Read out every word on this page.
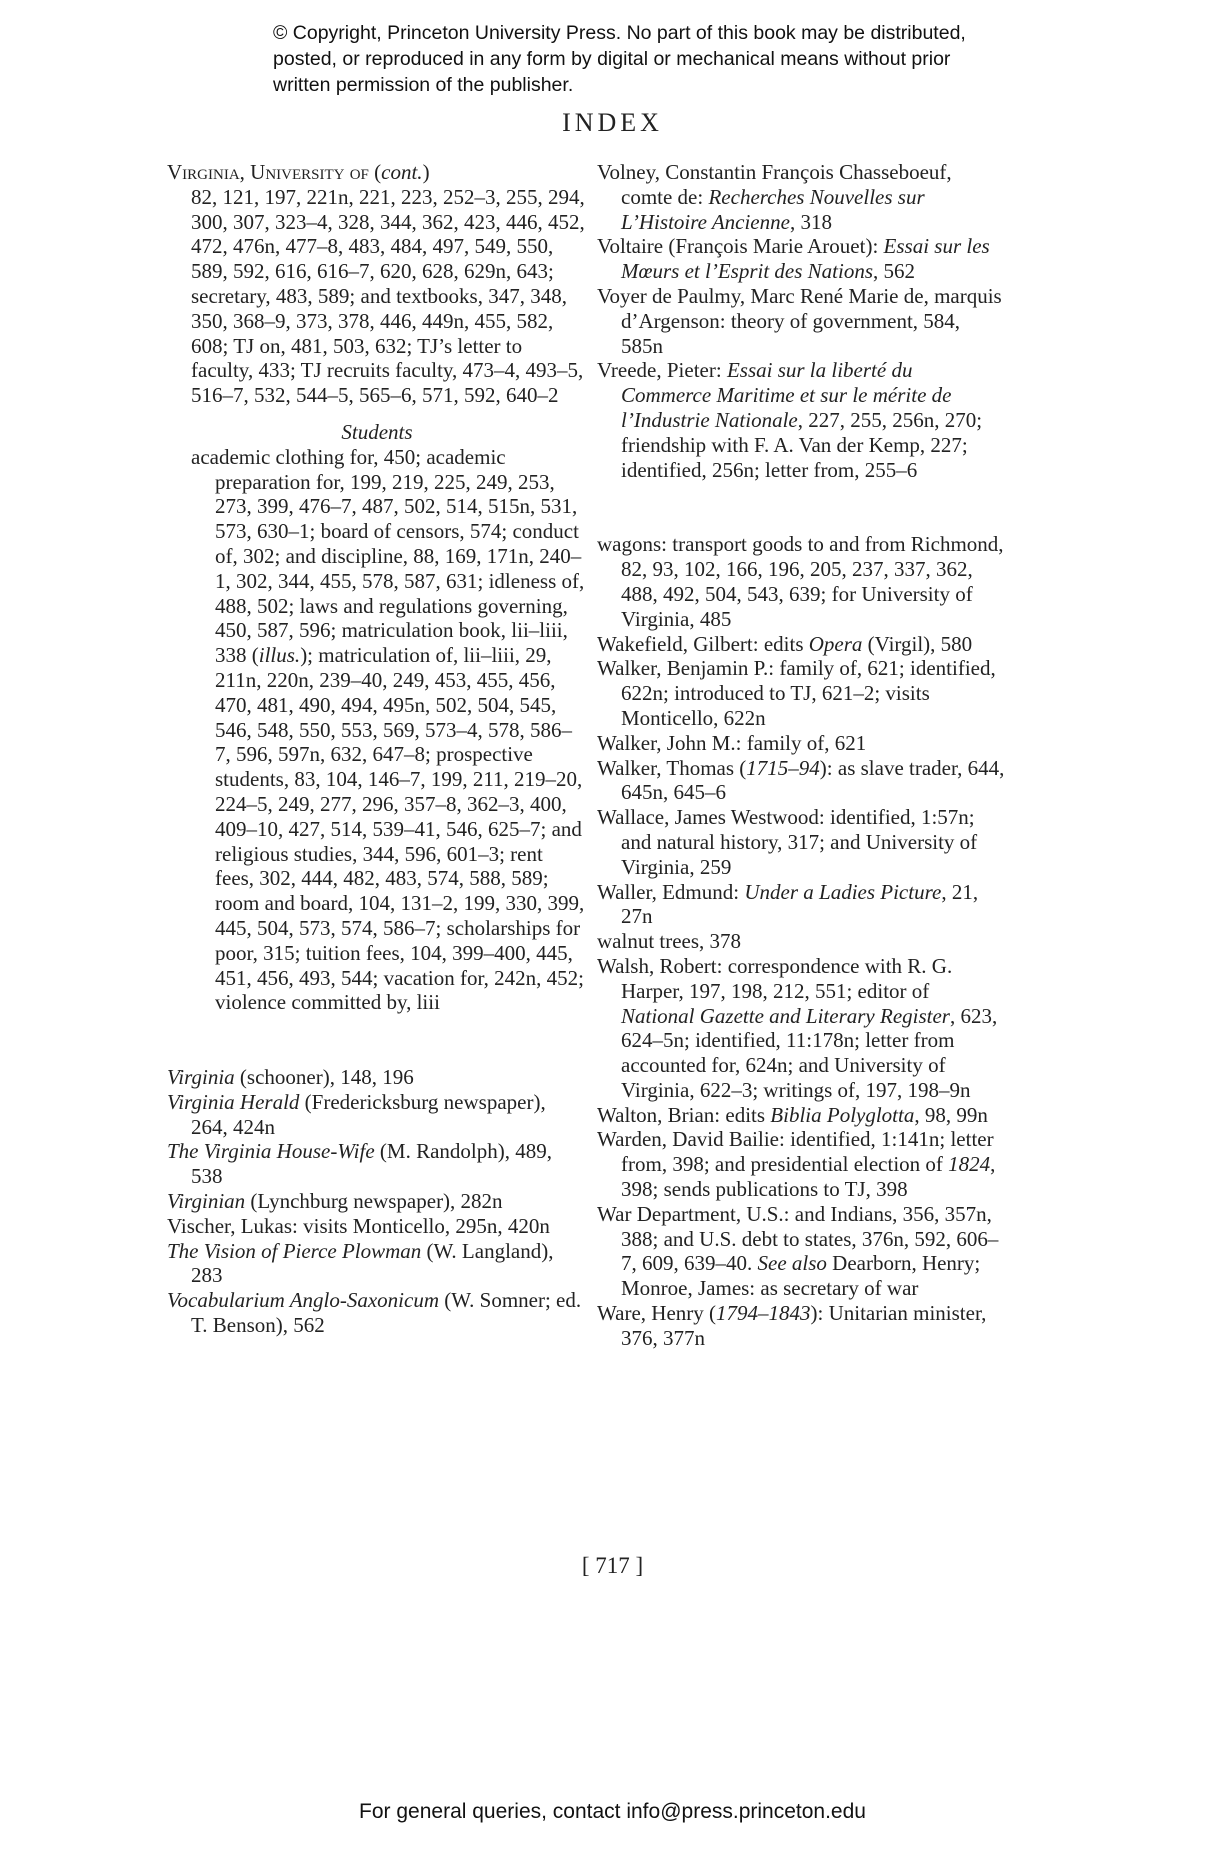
© Copyright, Princeton University Press. No part of this book may be distributed, posted, or reproduced in any form by digital or mechanical means without prior written permission of the publisher.
INDEX

Virginia, University of (cont.)
82, 121, 197, 221n, 221, 223, 252–3, 255, 294, 300, 307, 323–4, 328, 344, 362, 423, 446, 452, 472, 476n, 477–8, 483, 484, 497, 549, 550, 589, 592, 616, 616–7, 620, 628, 629n, 643; secretary, 483, 589; and textbooks, 347, 348, 350, 368–9, 373, 378, 446, 449n, 455, 582, 608; TJ on, 481, 503, 632; TJ’s letter to faculty, 433; TJ recruits faculty, 473–4, 493–5, 516–7, 532, 544–5, 565–6, 571, 592, 640–2

Students

academic clothing for, 450; academic preparation for, 199, 219, 225, 249, 253, 273, 399, 476–7, 487, 502, 514, 515n, 531, 573, 630–1; board of censors, 574; conduct of, 302; and discipline, 88, 169, 171n, 240–1, 302, 344, 455, 578, 587, 631; idleness of, 488, 502; laws and regulations governing, 450, 587, 596; matriculation book, lii–liii, 338 (illus.); matriculation of, lii–liii, 29, 211n, 220n, 239–40, 249, 453, 455, 456, 470, 481, 490, 494, 495n, 502, 504, 545, 546, 548, 550, 553, 569, 573–4, 578, 586–7, 596, 597n, 632, 647–8; prospective students, 83, 104, 146–7, 199, 211, 219–20, 224–5, 249, 277, 296, 357–8, 362–3, 400, 409–10, 427, 514, 539–41, 546, 625–7; and religious studies, 344, 596, 601–3; rent fees, 302, 444, 482, 483, 574, 588, 589; room and board, 104, 131–2, 199, 330, 399, 445, 504, 573, 574, 586–7; scholarships for poor, 315; tuition fees, 104, 399–400, 445, 451, 456, 493, 544; vacation for, 242n, 452; violence committed by, liii

Virginia (schooner), 148, 196

Virginia Herald (Fredericksburg newspaper), 264, 424n

The Virginia House-Wife (M. Randolph), 489, 538

Virginian (Lynchburg newspaper), 282n

Vischer, Lukas: visits Monticello, 295n, 420n

The Vision of Pierce Plowman (W. Langland), 283

Vocabularium Anglo-Saxonicum (W. Somner; ed. T. Benson), 562

Volney, Constantin François Chasseboeuf, comte de: Recherches Nouvelles sur L’Histoire Ancienne, 318

Voltaire (François Marie Arouet): Essai sur les Mœurs et l’Esprit des Nations, 562

Voyer de Paulmy, Marc René Marie de, marquis d’Argenson: theory of government, 584, 585n

Vreede, Pieter: Essai sur la liberté du Commerce Maritime et sur le mérite de l’Industrie Nationale, 227, 255, 256n, 270; friendship with F. A. Van der Kemp, 227; identified, 256n; letter from, 255–6

wagons: transport goods to and from Richmond, 82, 93, 102, 166, 196, 205, 237, 337, 362, 488, 492, 504, 543, 639; for University of Virginia, 485

Wakefield, Gilbert: edits Opera (Virgil), 580

Walker, Benjamin P.: family of, 621; identified, 622n; introduced to TJ, 621–2; visits Monticello, 622n

Walker, John M.: family of, 621

Walker, Thomas (1715–94): as slave trader, 644, 645n, 645–6

Wallace, James Westwood: identified, 1:57n; and natural history, 317; and University of Virginia, 259

Waller, Edmund: Under a Ladies Picture, 21, 27n

walnut trees, 378

Walsh, Robert: correspondence with R. G. Harper, 197, 198, 212, 551; editor of National Gazette and Literary Register, 623, 624–5n; identified, 11:178n; letter from accounted for, 624n; and University of Virginia, 622–3; writings of, 197, 198–9n

Walton, Brian: edits Biblia Polyglotta, 98, 99n

Warden, David Bailie: identified, 1:141n; letter from, 398; and presidential election of 1824, 398; sends publications to TJ, 398

War Department, U.S.: and Indians, 356, 357n, 388; and U.S. debt to states, 376n, 592, 606–7, 609, 639–40. See also Dearborn, Henry; Monroe, James: as secretary of war

Ware, Henry (1794–1843): Unitarian minister, 376, 377n

[ 717 ]
For general queries, contact info@press.princeton.edu
